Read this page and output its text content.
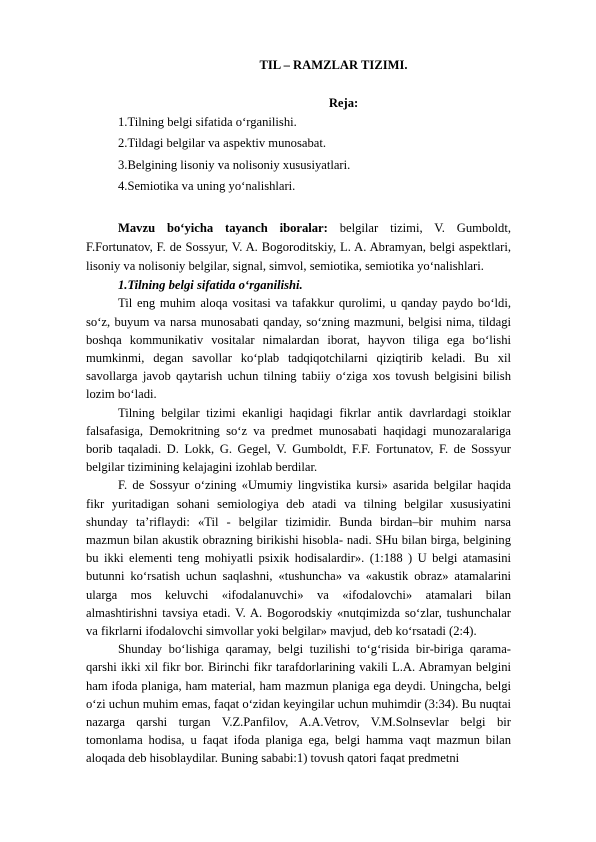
TIL – RAMZLAR TIZIMI.
Reja:
1.Tilning belgi sifatida o‘rganilishi.
2.Tildagi belgilar va aspektiv munosabat.
3.Belgining lisoniy va nolisoniy xususiyatlari.
4.Semiotika va uning yo‘nalishlari.

Mavzu bo‘yicha tayanch iboralar: belgilar tizimi, V. Gumboldt, F.Fortunatov, F. de Sossyur, V. A. Bogoroditskiy, L. A. Abramyan, belgi aspektlari, lisoniy va nolisoniy belgilar, signal, simvol, semiotika, semiotika yo‘nalishlari.

1.Tilning belgi sifatida o‘rganilishi.

Til eng muhim aloqa vositasi va tafakkur qurolimi, u qanday paydo bo‘ldi, so‘z, buyum va narsa munosabati qanday, so‘zning mazmuni, belgisi nima, tildagi boshqa kommunikativ vositalar nimalardan iborat, hayvon tiliga ega bo‘lishi mumkinmi, degan savollar ko‘plab tadqiqotchilarni qiziqtirib keladi. Bu xil savollarga javob qaytarish uchun tilning tabiiy o‘ziga xos tovush belgisini bilish lozim bo‘ladi.

Tilning belgilar tizimi ekanligi haqidagi fikrlar antik davrlardagi stoiklar falsafasiga, Demokritning so‘z va predmet munosabati haqidagi munozaralariga borib taqaladi. D. Lokk, G. Gegel, V. Gumboldt, F.F. Fortunatov, F. de Sossyur belgilar tizimining kelajagini izohlab berdilar.

F. de Sossyur o‘zining «Umumiy lingvistika kursi» asarida belgilar haqida fikr yuritadigan sohani semiologiya deb atadi va tilning belgilar xususiyatini shunday ta’riflaydi: «Til - belgilar tizimidir. Bunda birdan–bir muhim narsa mazmun bilan akustik obrazning birikishi hisobla- nadi. SHu bilan birga, belgining bu ikki elementi teng mohiyatli psixik hodisalardir». (1:188 ) U belgi atamasini butunni ko‘rsatish uchun saqlashni, «tushuncha» va «akustik obraz» atamalarini ularga mos keluvchi «ifodalanuvchi» va «ifodalovchi» atamalari bilan almashtirishni tavsiya etadi. V. A. Bogorodskiy «nutqimizda so‘zlar, tushunchalar va fikrlarni ifodalovchi simvollar yoki belgilar» mavjud, deb ko‘rsatadi (2:4).

Shunday bo‘lishiga qaramay, belgi tuzilishi to‘g‘risida bir-biriga qarama-qarshi ikki xil fikr bor. Birinchi fikr tarafdorlarining vakili L.A. Abramyan belgini ham ifoda planiga, ham material, ham mazmun planiga ega deydi. Uningcha, belgi o‘zi uchun muhim emas, faqat o‘zidan keyingilar uchun muhimdir (3:34). Bu nuqtai nazarga qarshi turgan V.Z.Panfilov, A.A.Vetrov, V.M.Solnsevlar belgi bir tomonlama hodisa, u faqat ifoda planiga ega, belgi hamma vaqt mazmun bilan aloqada deb hisoblaydilar. Buning sababi:1) tovush qatori faqat predmetni
